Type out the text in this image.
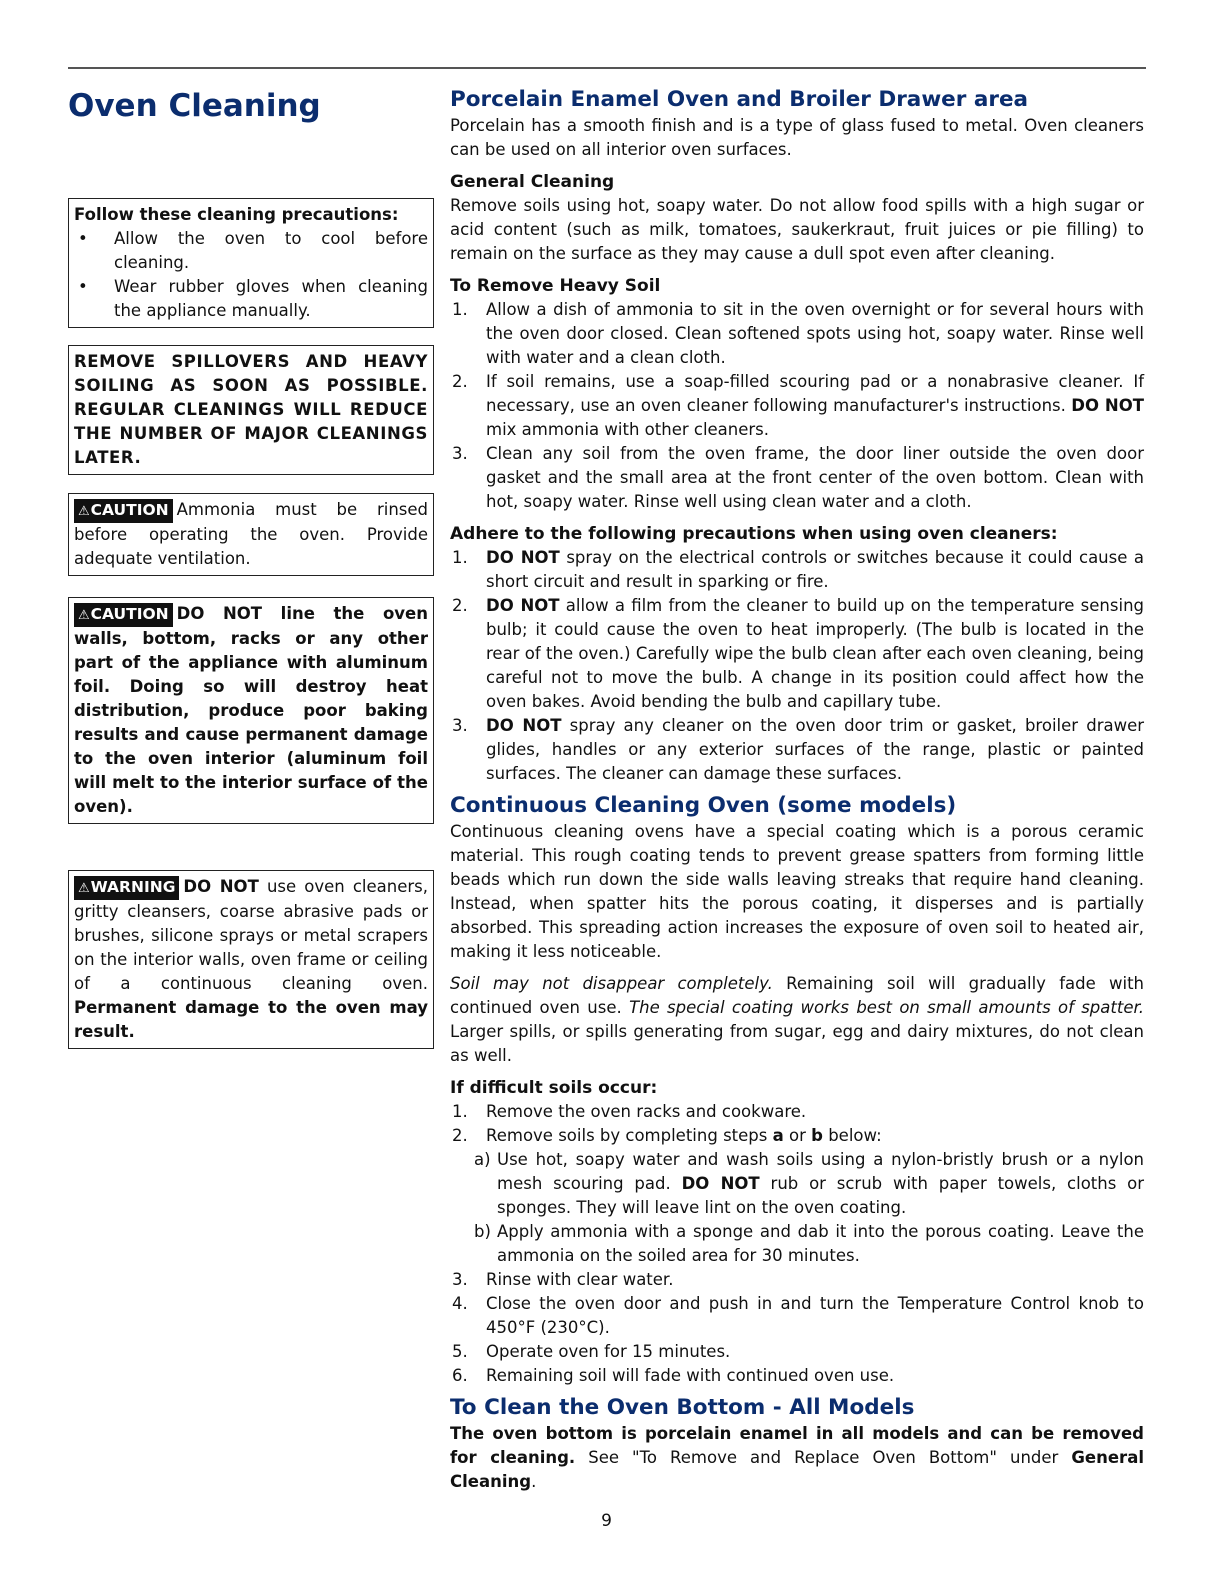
Oven Cleaning

Follow these cleaning precautions:

• Allow the oven to cool before cleaning.
• Wear rubber gloves when cleaning the appliance manually.

REMOVE SPILLOVERS AND HEAVY SOILING AS SOON AS POSSIBLE. REGULAR CLEANINGS WILL REDUCE THE NUMBER OF MAJOR CLEANINGS LATER.

⚠CAUTION Ammonia must be rinsed before operating the oven. Provide adequate ventilation.

⚠CAUTION DO NOT line the oven walls, bottom, racks or any other part of the appliance with aluminum foil. Doing so will destroy heat distribution, produce poor baking results and cause permanent damage to the oven interior (aluminum foil will melt to the interior surface of the oven).

⚠WARNING DO NOT use oven cleaners, gritty cleansers, coarse abrasive pads or brushes, silicone sprays or metal scrapers on the interior walls, oven frame or ceiling of a continuous cleaning oven. Permanent damage to the oven may result.

Porcelain Enamel Oven and Broiler Drawer area

Porcelain has a smooth finish and is a type of glass fused to metal. Oven cleaners can be used on all interior oven surfaces.

General Cleaning

Remove soils using hot, soapy water. Do not allow food spills with a high sugar or acid content (such as milk, tomatoes, saukerkraut, fruit juices or pie filling) to remain on the surface as they may cause a dull spot even after cleaning.

To Remove Heavy Soil

1. Allow a dish of ammonia to sit in the oven overnight or for several hours with the oven door closed. Clean softened spots using hot, soapy water. Rinse well with water and a clean cloth.
2. If soil remains, use a soap-filled scouring pad or a nonabrasive cleaner. If necessary, use an oven cleaner following manufacturer's instructions. DO NOT mix ammonia with other cleaners.
3. Clean any soil from the oven frame, the door liner outside the oven door gasket and the small area at the front center of the oven bottom. Clean with hot, soapy water. Rinse well using clean water and a cloth.

Adhere to the following precautions when using oven cleaners:

1. DO NOT spray on the electrical controls or switches because it could cause a short circuit and result in sparking or fire.
2. DO NOT allow a film from the cleaner to build up on the temperature sensing bulb; it could cause the oven to heat improperly. (The bulb is located in the rear of the oven.) Carefully wipe the bulb clean after each oven cleaning, being careful not to move the bulb. A change in its position could affect how the oven bakes. Avoid bending the bulb and capillary tube.
3. DO NOT spray any cleaner on the oven door trim or gasket, broiler drawer glides, handles or any exterior surfaces of the range, plastic or painted surfaces. The cleaner can damage these surfaces.
Continuous Cleaning Oven (some models)

Continuous cleaning ovens have a special coating which is a porous ceramic material. This rough coating tends to prevent grease spatters from forming little beads which run down the side walls leaving streaks that require hand cleaning. Instead, when spatter hits the porous coating, it disperses and is partially absorbed. This spreading action increases the exposure of oven soil to heated air, making it less noticeable.

Soil may not disappear completely. Remaining soil will gradually fade with continued oven use. The special coating works best on small amounts of spatter. Larger spills, or spills generating from sugar, egg and dairy mixtures, do not clean as well.

If difficult soils occur:

1. Remove the oven racks and cookware.
2. Remove soils by completing steps a or b below:
a) Use hot, soapy water and wash soils using a nylon-bristly brush or a nylon mesh scouring pad. DO NOT rub or scrub with paper towels, cloths or sponges. They will leave lint on the oven coating.
b) Apply ammonia with a sponge and dab it into the porous coating. Leave the ammonia on the soiled area for 30 minutes.
3. Rinse with clear water.
4. Close the oven door and push in and turn the Temperature Control knob to 450°F (230°C).
5. Operate oven for 15 minutes.
6. Remaining soil will fade with continued oven use.
To Clean the Oven Bottom - All Models

The oven bottom is porcelain enamel in all models and can be removed for cleaning. See "To Remove and Replace Oven Bottom" under General Cleaning.

9
